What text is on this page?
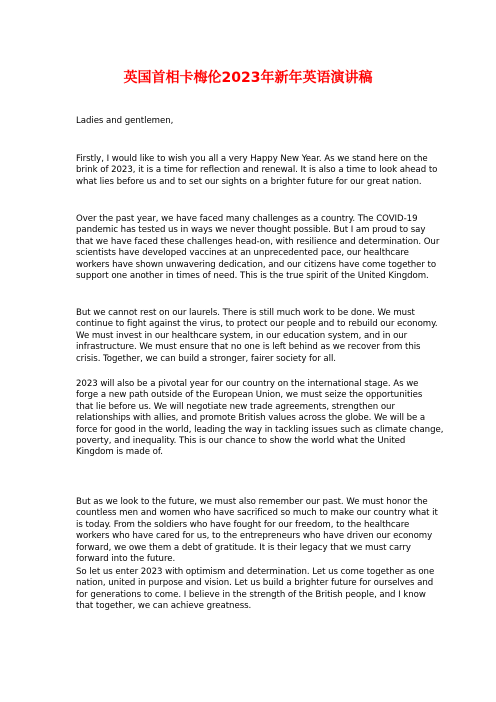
英国首相卡梅伦2023年新年英语演讲稿
Ladies and gentlemen,
Firstly, I would like to wish you all a very Happy New Year. As we stand here on the
brink of 2023, it is a time for reflection and renewal. It is also a time to look ahead to
what lies before us and to set our sights on a brighter future for our great nation.
Over the past year, we have faced many challenges as a country. The COVID-19
pandemic has tested us in ways we never thought possible. But I am proud to say
that we have faced these challenges head-on, with resilience and determination. Our
scientists have developed vaccines at an unprecedented pace, our healthcare
workers have shown unwavering dedication, and our citizens have come together to
support one another in times of need. This is the true spirit of the United Kingdom.
But we cannot rest on our laurels. There is still much work to be done. We must
continue to fight against the virus, to protect our people and to rebuild our economy.
We must invest in our healthcare system, in our education system, and in our
infrastructure. We must ensure that no one is left behind as we recover from this
crisis. Together, we can build a stronger, fairer society for all.
2023 will also be a pivotal year for our country on the international stage. As we
forge a new path outside of the European Union, we must seize the opportunities
that lie before us. We will negotiate new trade agreements, strengthen our
relationships with allies, and promote British values across the globe. We will be a
force for good in the world, leading the way in tackling issues such as climate change,
poverty, and inequality. This is our chance to show the world what the United
Kingdom is made of.
But as we look to the future, we must also remember our past. We must honor the
countless men and women who have sacrificed so much to make our country what it
is today. From the soldiers who have fought for our freedom, to the healthcare
workers who have cared for us, to the entrepreneurs who have driven our economy
forward, we owe them a debt of gratitude. It is their legacy that we must carry
forward into the future.
So let us enter 2023 with optimism and determination. Let us come together as one
nation, united in purpose and vision. Let us build a brighter future for ourselves and
for generations to come. I believe in the strength of the British people, and I know
that together, we can achieve greatness.
